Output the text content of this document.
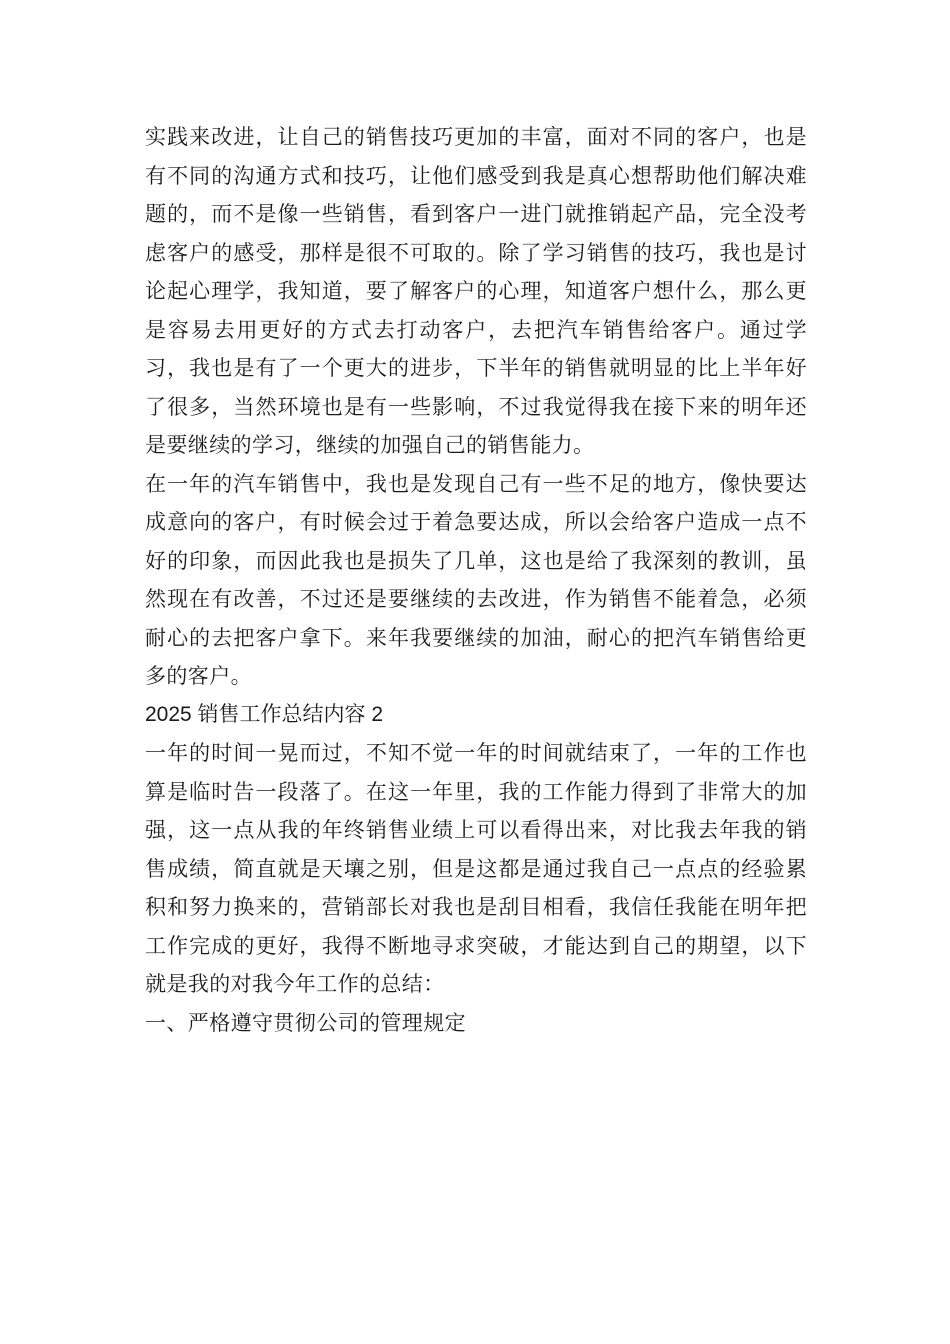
实践来改进，让自己的销售技巧更加的丰富，面对不同的客户，也是有不同的沟通方式和技巧，让他们感受到我是真心想帮助他们解决难题的，而不是像一些销售，看到客户一进门就推销起产品，完全没考虑客户的感受，那样是很不可取的。除了学习销售的技巧，我也是讨论起心理学，我知道，要了解客户的心理，知道客户想什么，那么更是容易去用更好的方式去打动客户，去把汽车销售给客户。通过学习，我也是有了一个更大的进步，下半年的销售就明显的比上半年好了很多，当然环境也是有一些影响，不过我觉得我在接下来的明年还是要继续的学习，继续的加强自己的销售能力。

在一年的汽车销售中，我也是发现自己有一些不足的地方，像快要达成意向的客户，有时候会过于着急要达成，所以会给客户造成一点不好的印象，而因此我也是损失了几单，这也是给了我深刻的教训，虽然现在有改善，不过还是要继续的去改进，作为销售不能着急，必须耐心的去把客户拿下。来年我要继续的加油，耐心的把汽车销售给更多的客户。

2025 销售工作总结内容 2

一年的时间一晃而过，不知不觉一年的时间就结束了，一年的工作也算是临时告一段落了。在这一年里，我的工作能力得到了非常大的加强，这一点从我的年终销售业绩上可以看得出来，对比我去年我的销售成绩，简直就是天壤之别，但是这都是通过我自己一点点的经验累积和努力换来的，营销部长对我也是刮目相看，我信任我能在明年把工作完成的更好，我得不断地寻求突破，才能达到自己的期望，以下就是我的对我今年工作的总结：

一、严格遵守贯彻公司的管理规定
